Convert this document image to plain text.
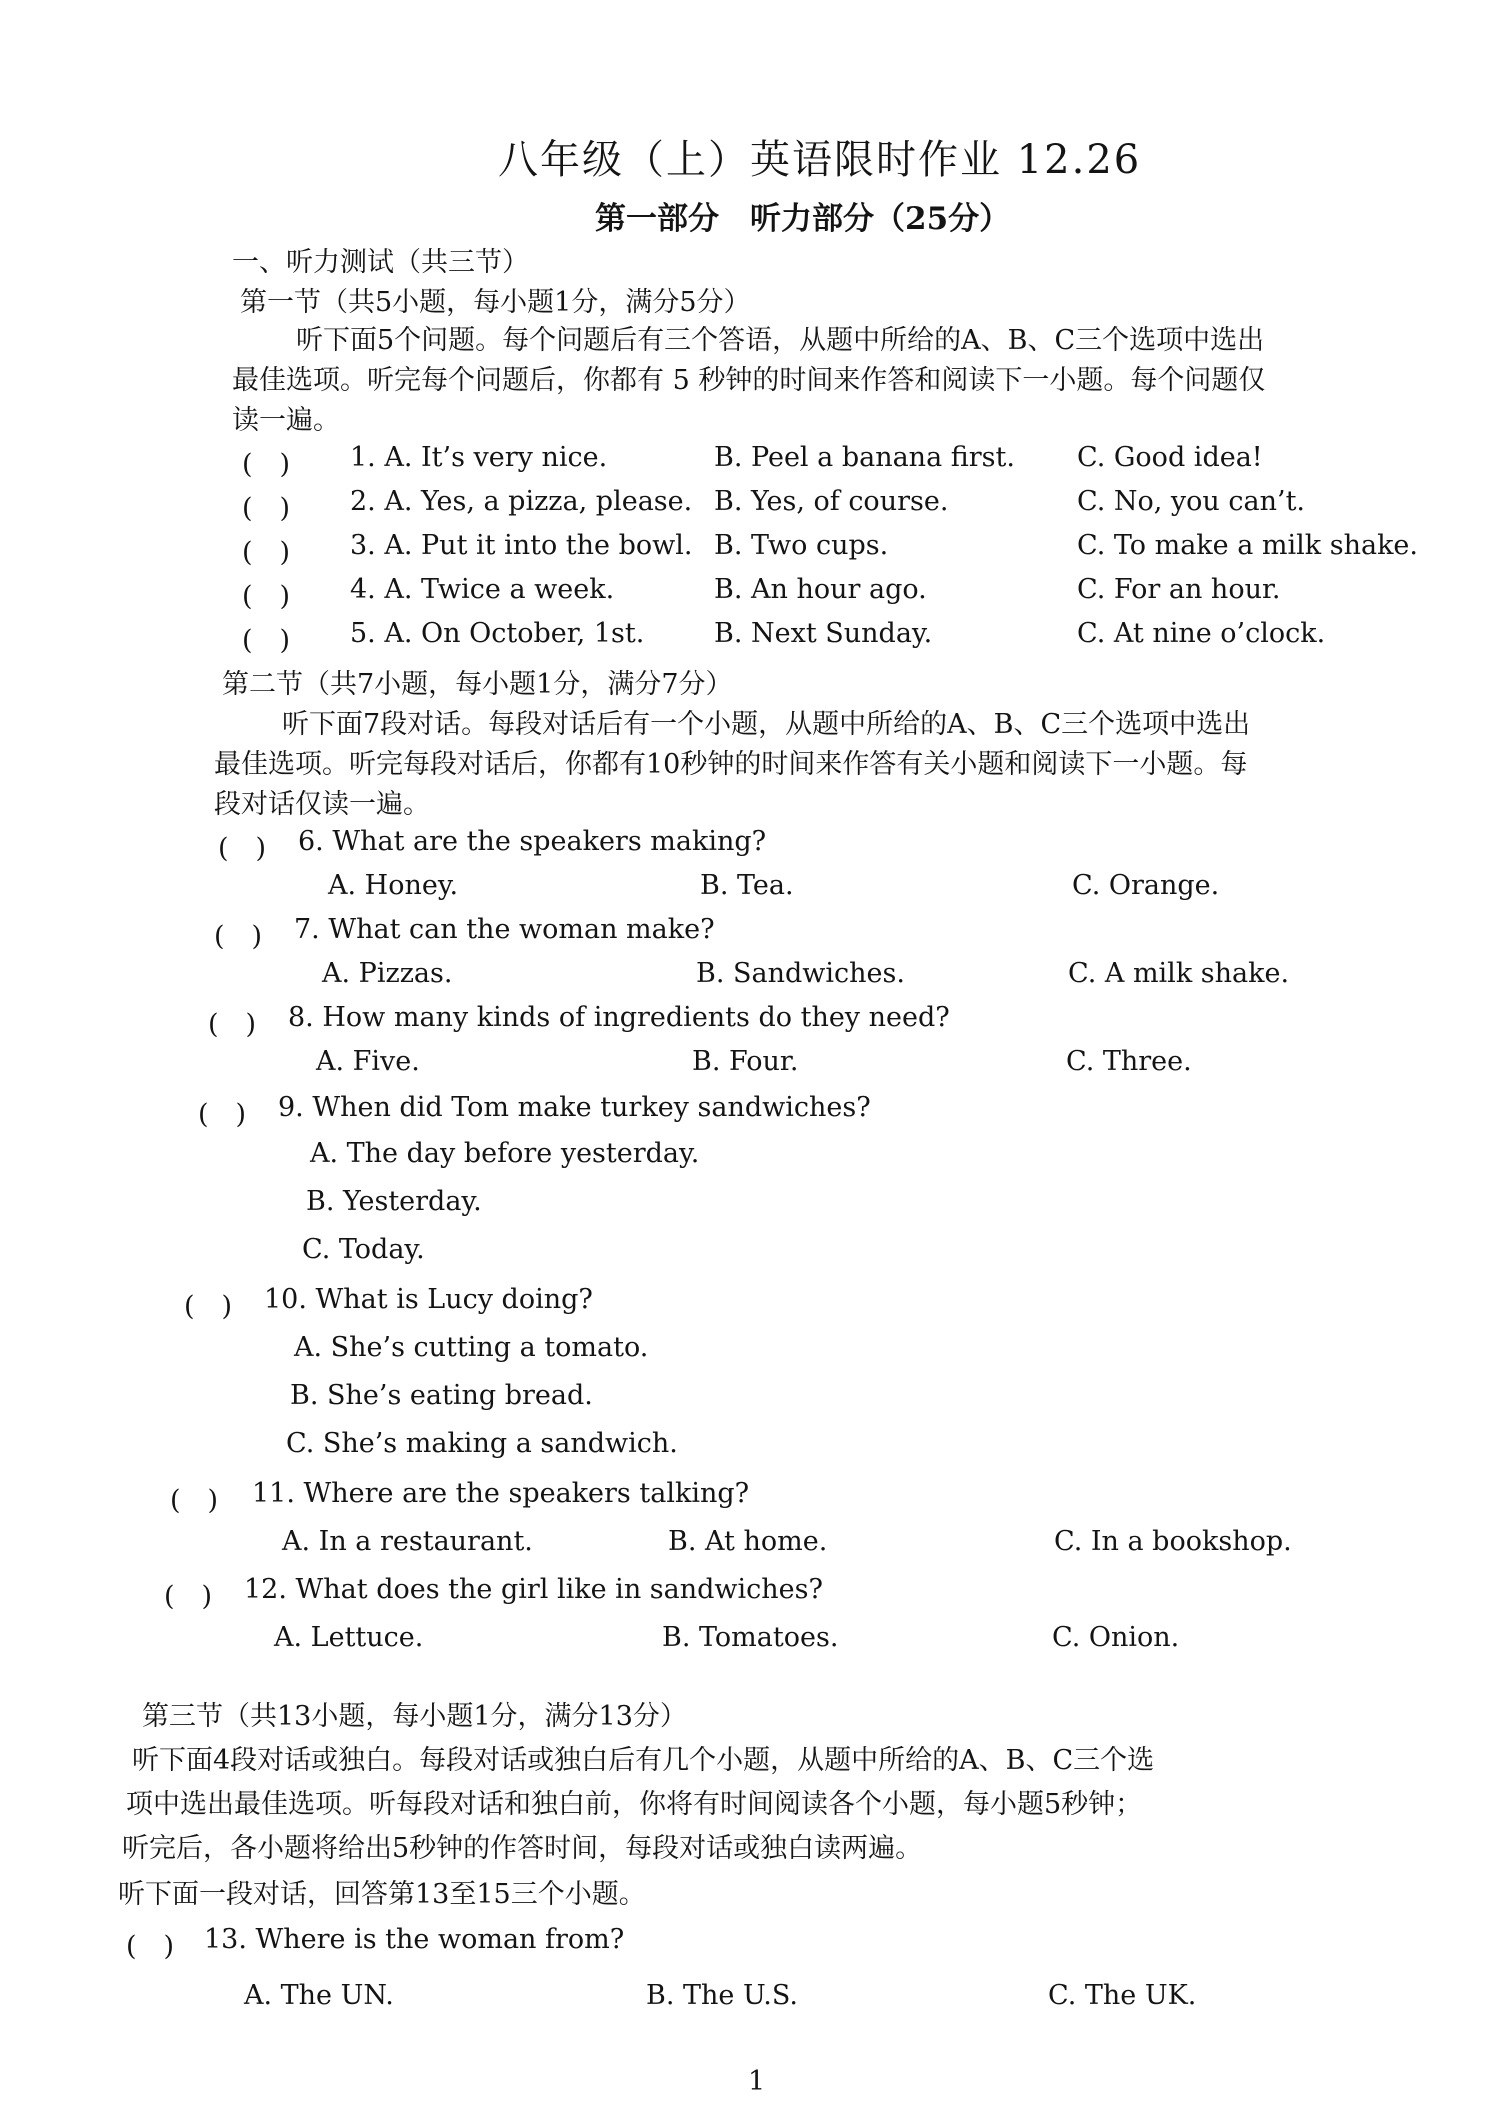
八年级（上）英语限时作业 12.26
第一部分　听力部分（25分）
一、听力测试（共三节）
第一节（共5小题，每小题1分，满分5分）
听下面5个问题。每个问题后有三个答语，从题中所给的A、B、C三个选项中选出
最佳选项。听完每个问题后，你都有 5 秒钟的时间来作答和阅读下一小题。每个问题仅
读一遍。
(　) 1. A. It’s very nice.	B. Peel a banana first. C. Good idea!
(　) 2. A. Yes, a pizza, please. B. Yes, of course.	C. No, you can’t.
(　) 3. A. Put it into the bowl. B. Two cups.	C. To make a milk shake.
(　) 4. A. Twice a week.	B. An hour ago.	C. For an hour.
(　) 5. A. On October, 1st.	B. Next Sunday.	C. At nine o’clock.
第二节（共7小题，每小题1分，满分7分）
听下面7段对话。每段对话后有一个小题，从题中所给的A、B、C三个选项中选出
最佳选项。听完每段对话后，你都有10秒钟的时间来作答有关小题和阅读下一小题。每
段对话仅读一遍。
(　) 6. What are the speakers making?
A. Honey.	B. Tea.	C. Orange.
(　) 7. What can the woman make?
A. Pizzas.	B. Sandwiches.	C. A milk shake.
(　) 8. How many kinds of ingredients do they need?
A. Five.	B. Four.	C. Three.
(　) 9. When did Tom make turkey sandwiches?
A. The day before yesterday.
B. Yesterday.
C. Today.
(　) 10. What is Lucy doing?
A. She’s cutting a tomato.
B. She’s eating bread.
C. She’s making a sandwich.
(　) 11. Where are the speakers talking?
A. In a restaurant.	B. At home.	C. In a bookshop.
(　) 12. What does the girl like in sandwiches?
A. Lettuce.	B. Tomatoes.	C. Onion.
第三节（共13小题，每小题1分，满分13分）
听下面4段对话或独白。每段对话或独白后有几个小题，从题中所给的A、B、C三个选
项中选出最佳选项。听每段对话和独白前，你将有时间阅读各个小题，每小题5秒钟；
听完后，各小题将给出5秒钟的作答时间，每段对话或独白读两遍。
听下面一段对话，回答第13至15三个小题。
(　) 13. Where is the woman from?
A. The UN.	B. The U.S.	C. The UK.
1
